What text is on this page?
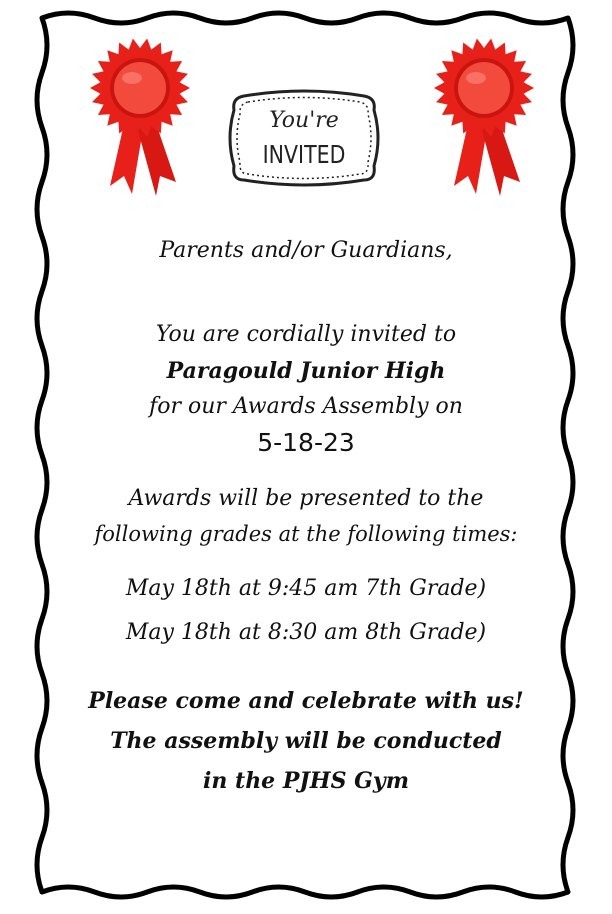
You're
INVITED
Parents and/or Guardians,
You are cordially invited to
Paragould Junior High
for our Awards Assembly on
5-18-23
Awards will be presented to the
following grades at the following times:
May 18th at 9:45 am 7th Grade)
May 18th at 8:30 am 8th Grade)
Please come and celebrate with us!
The assembly will be conducted
in the PJHS Gym
